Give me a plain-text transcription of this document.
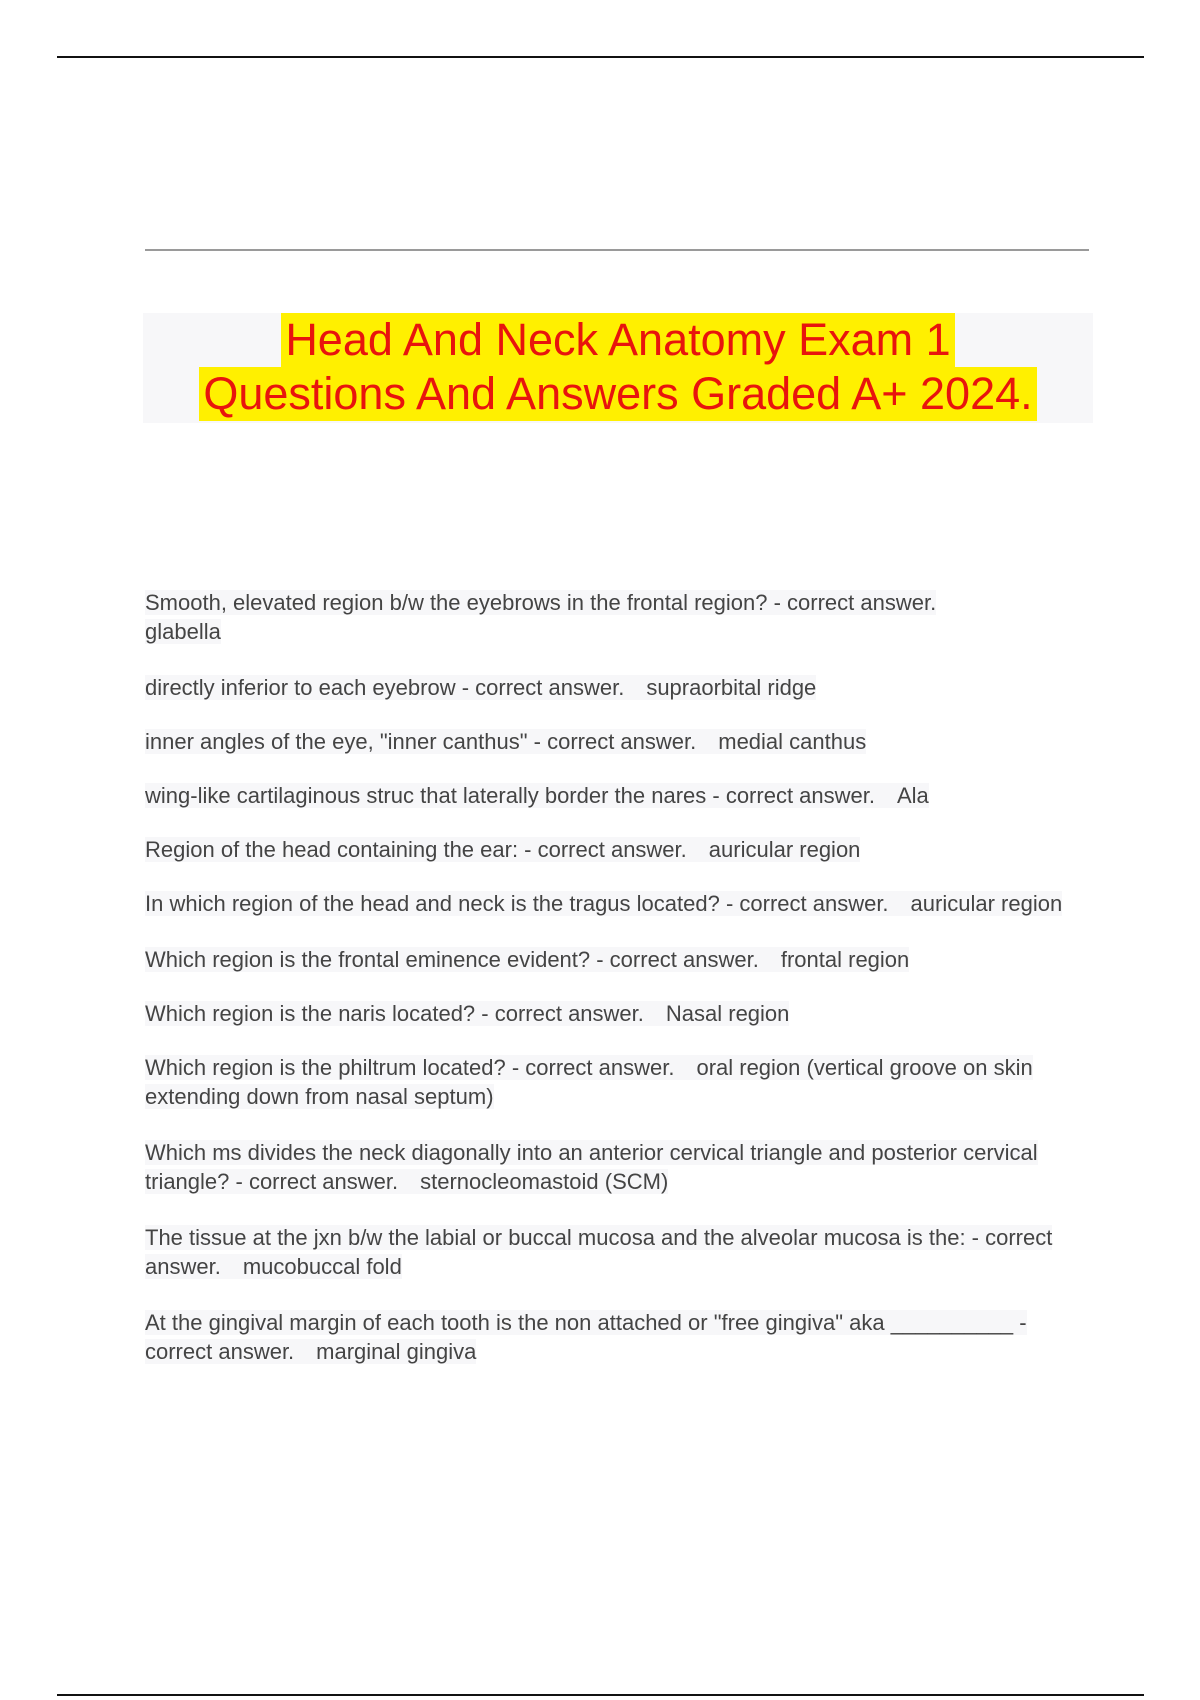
Head And Neck Anatomy Exam 1
Questions And Answers Graded A+ 2024.
Smooth, elevated region b/w the eyebrows in the frontal region? - correct answer.
glabella
directly inferior to each eyebrow - correct answer. supraorbital ridge
inner angles of the eye, "inner canthus" - correct answer. medial canthus
wing-like cartilaginous struc that laterally border the nares - correct answer. Ala
Region of the head containing the ear: - correct answer. auricular region
In which region of the head and neck is the tragus located? - correct answer. auricular region
Which region is the frontal eminence evident? - correct answer. frontal region
Which region is the naris located? - correct answer. Nasal region
Which region is the philtrum located? - correct answer. oral region (vertical groove on skin extending down from nasal septum)
Which ms divides the neck diagonally into an anterior cervical triangle and posterior cervical triangle? - correct answer. sternocleomastoid (SCM)
The tissue at the jxn b/w the labial or buccal mucosa and the alveolar mucosa is the: - correct answer. mucobuccal fold
At the gingival margin of each tooth is the non attached or "free gingiva" aka __________ - correct answer. marginal gingiva
